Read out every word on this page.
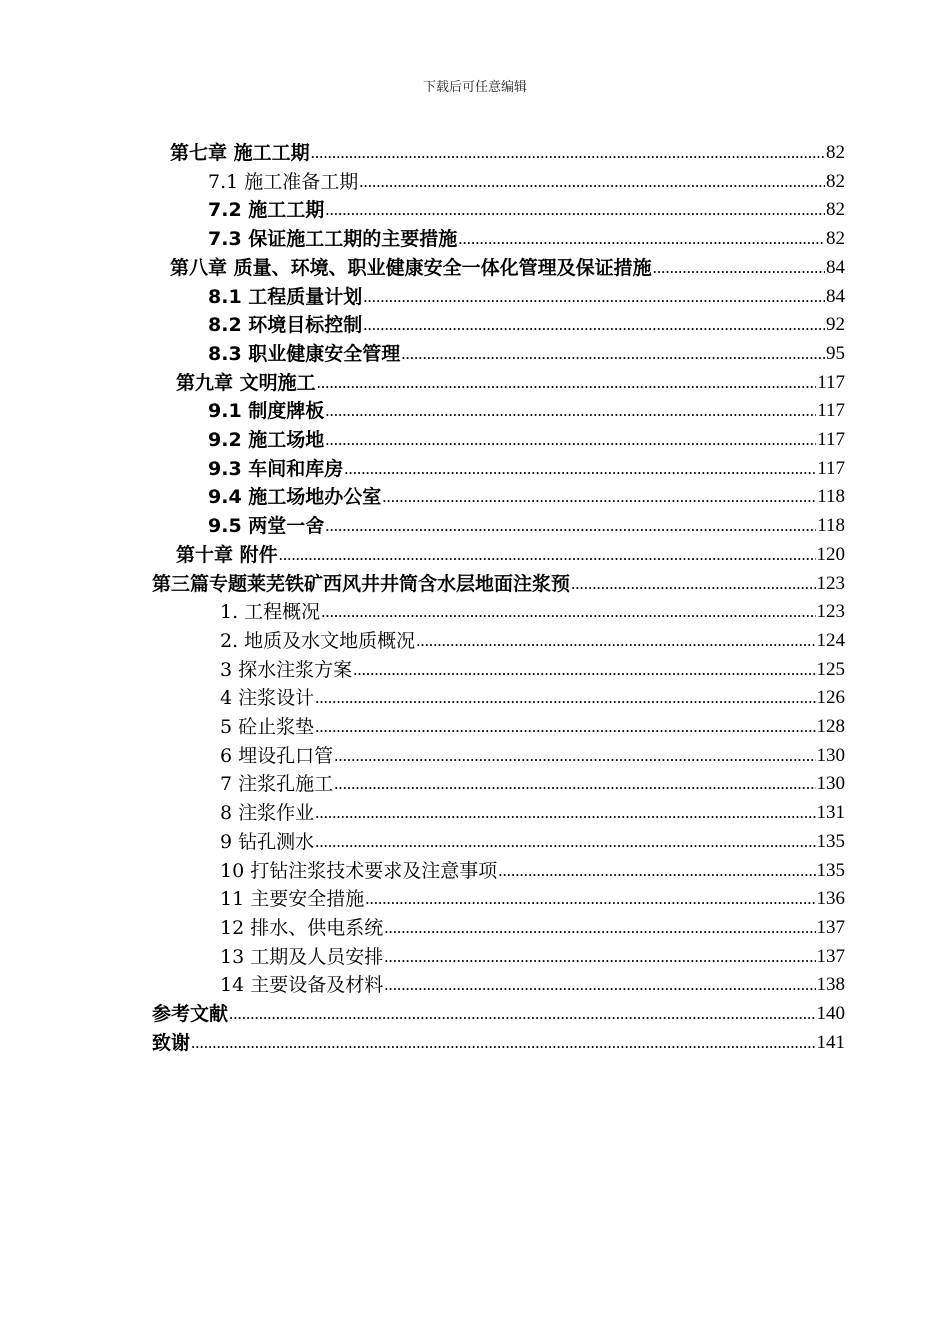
下载后可任意编辑
第七章 施工工期 .....	82
7.1 施工准备工期 .....	82
7.2 施工工期 .....	82
7.3 保证施工工期的主要措施 .....	82
第八章 质量、环境、职业健康安全一体化管理及保证措施 .....	84
8.1 工程质量计划 .....	84
8.2 环境目标控制 .....	92
8.3 职业健康安全管理 .....	95
第九章 文明施工 .....	117
9.1 制度牌板 .....	117
9.2 施工场地 .....	117
9.3 车间和库房 .....	117
9.4 施工场地办公室 .....	118
9.5 两堂一舍 .....	118
第十章 附件 .....	120
第三篇专题莱芜铁矿西风井井筒含水层地面注浆预 .....	123
1. 工程概况 .....	123
2. 地质及水文地质概况 .....	124
3 探水注浆方案 .....	125
4 注浆设计 .....	126
5 砼止浆垫 .....	128
6 埋设孔口管 .....	130
7 注浆孔施工 .....	130
8 注浆作业 .....	131
9 钻孔测水 .....	135
10 打钻注浆技术要求及注意事项 .....	135
11 主要安全措施 .....	136
12 排水、供电系统 .....	137
13 工期及人员安排 .....	137
14 主要设备及材料 .....	138
参考文献 .....	140
致谢 .....	141
